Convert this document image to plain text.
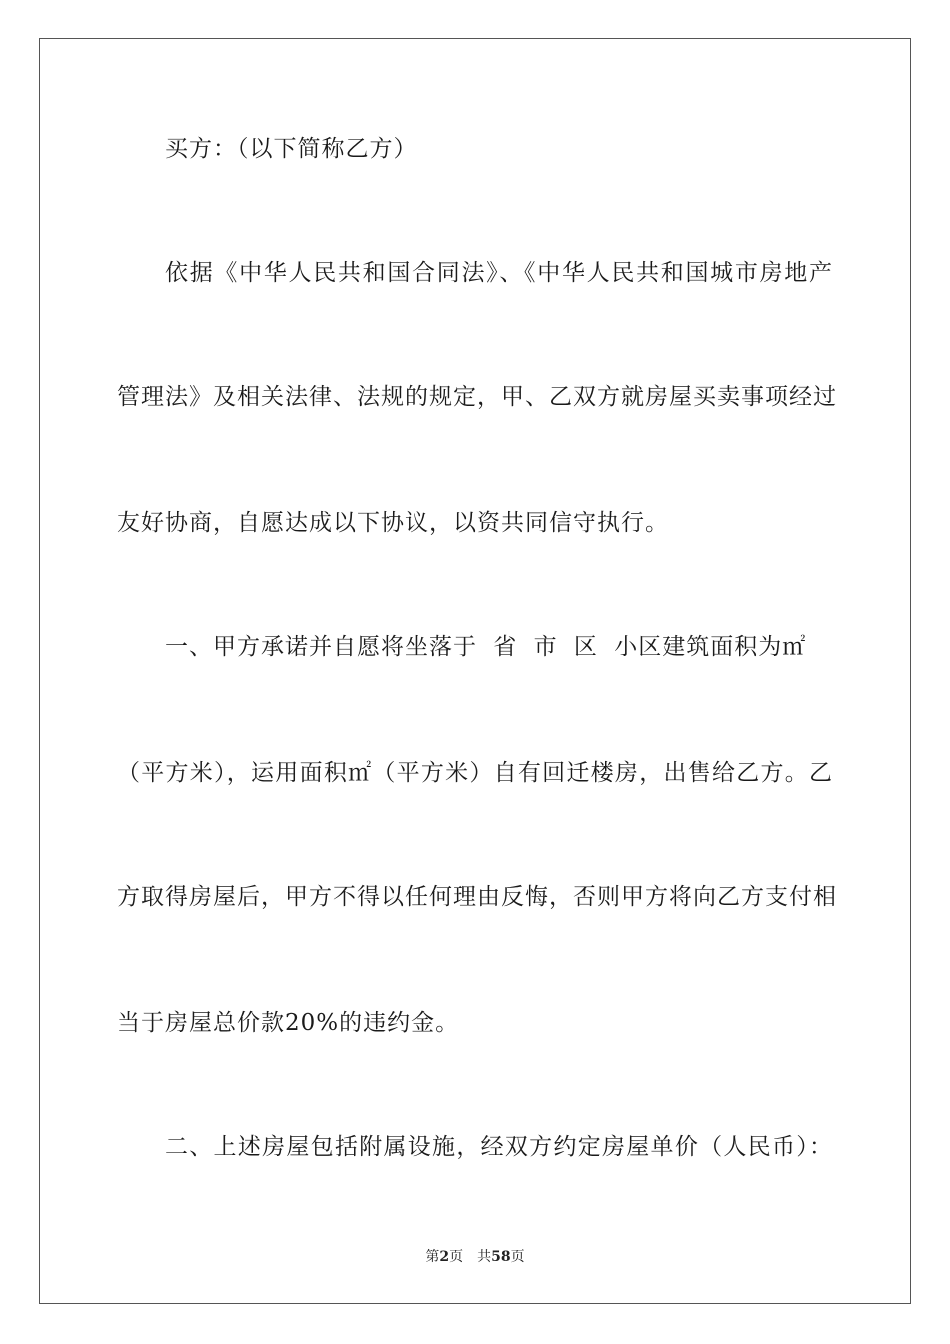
买方：（以下简称乙方）
依据《中华人民共和国合同法》、《中华人民共和国城市房地产
管理法》及相关法律、法规的规定，甲、乙双方就房屋买卖事项经过
友好协商，自愿达成以下协议，以资共同信守执行。
一、甲方承诺并自愿将坐落于 省 市 区 小区建筑面积为㎡
（平方米），运用面积㎡（平方米）自有回迁楼房，出售给乙方。乙
方取得房屋后，甲方不得以任何理由反悔，否则甲方将向乙方支付相
当于房屋总价款20%的违约金。
二、上述房屋包括附属设施，经双方约定房屋单价（人民币）：
第2页 共58页
